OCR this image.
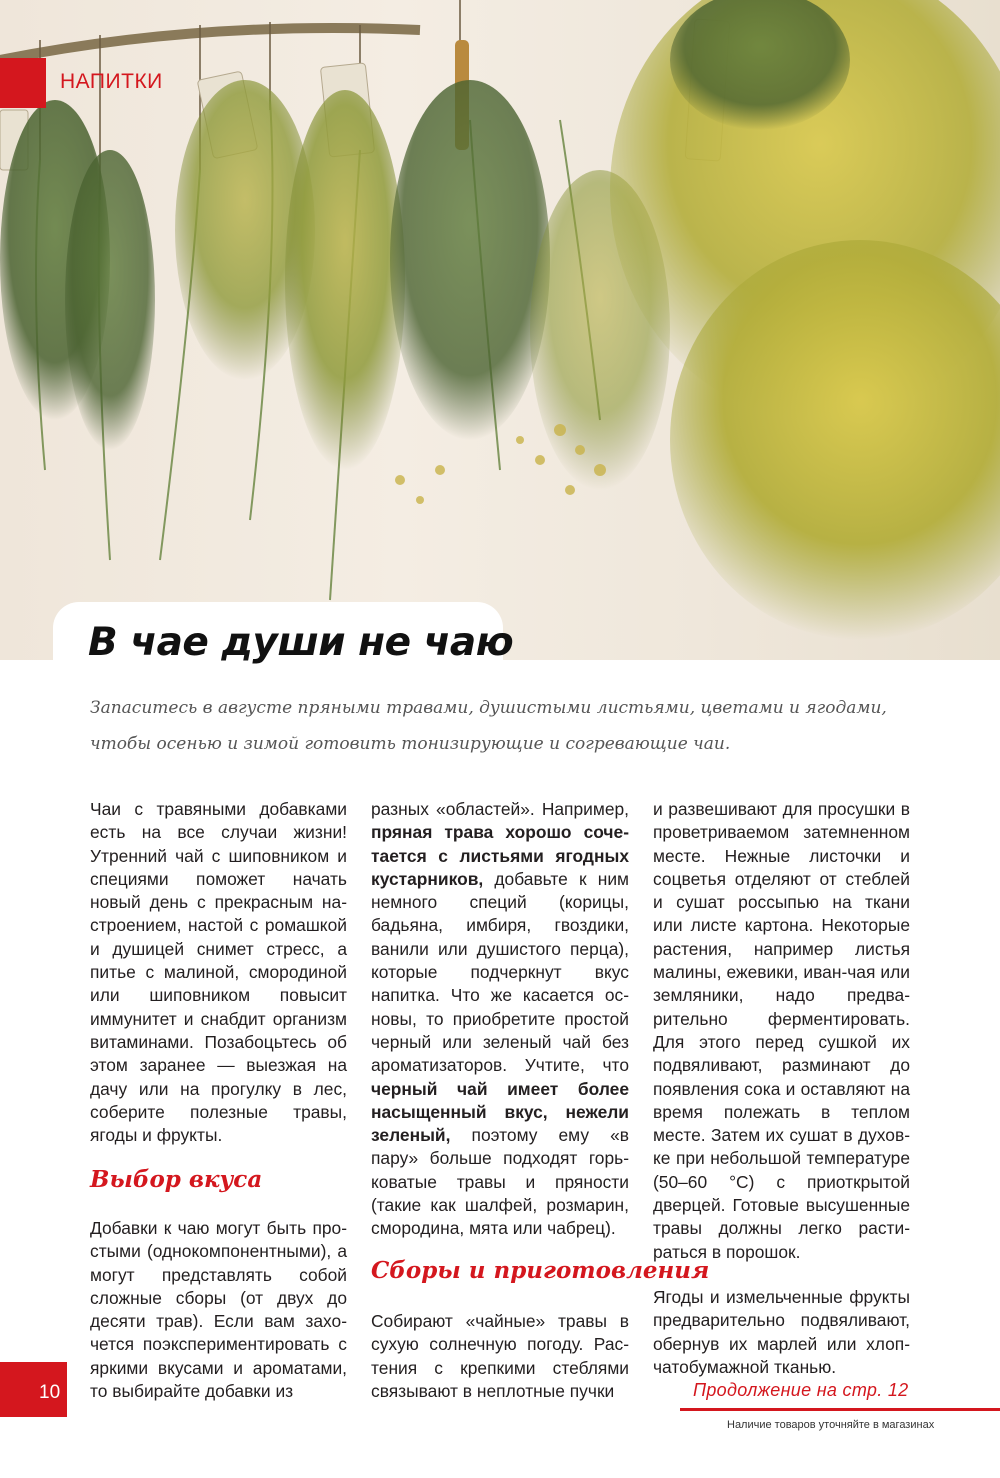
НАПИТКИ
В чае души не чаю
Запаситесь в августе пряными травами, душистыми листьями, цветами и ягодами, чтобы осенью и зимой готовить тонизирующие и согревающие чаи.

Чаи с травяными добавками есть на все случаи жизни! Утренний чай с шиповником и специями поможет начать новый день с прекрасным настроением, настой с ромашкой и душицей снимет стресс, а питье с малиной, смородиной или шиповником повысит иммунитет и снабдит организм витаминами. Позабоцьтесь об этом заранее — выезжая на дачу или на прогулку в лес, соберите полезные травы, ягоды и фрукты.

Выбор вкуса

Добавки к чаю могут быть простыми (однокомпонентными), а могут представлять собой сложные сборы (от двух до десяти трав). Если вам захочется поэкспериментировать с яркими вкусами и ароматами, то выбирайте добавки из

разных «областей». Например, пряная трава хорошо сочетается с листьями ягодных кустарников, добавьте к ним немного специй (корицы, бадьяна, имбиря, гвоздики, ванили или душистого перца), которые подчеркнут вкус напитка. Что же касается основы, то приобретите простой черный или зеленый чай без ароматизаторов. Учтите, что черный чай имеет более насыщенный вкус, нежели зеленый, поэтому ему «в пару» больше подходят горьковатые травы и пряности (такие как шалфей, розмарин, смородина, мята или чабрец).

Сборы и приготовления

Собирают «чайные» травы в сухую солнечную погоду. Растения с крепкими стеблями связывают в неплотные пучки

и развешивают для просушки в проветриваемом затемненном месте. Нежные листочки и соцветья отделяют от стеблей и сушат россыпью на ткани или листе картона. Некоторые растения, например листья малины, ежевики, иван-чая или земляники, надо предварительно ферментировать. Для этого перед сушкой их подвяливают, разминают до появления сока и оставляют на время полежать в теплом месте. Затем их сушат в духовке при небольшой температуре (50–60 °С) с приоткрытой дверцей. Готовые высушенные травы должны легко растираться в порошок.

Ягоды и измельченные фрукты предварительно подвяливают, обернув их марлей или хлопчатобумажной тканью.

10	Продолжение на стр. 12
Наличие товаров уточняйте в магазинах
